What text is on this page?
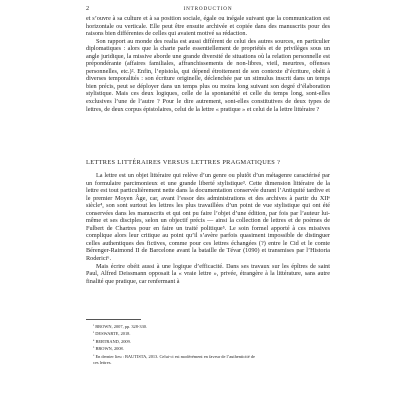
2	INTRODUCTION

et s’ouvre à sa culture et à sa position sociale, égale ou inégale suivant que la communication est horizontale ou verticale. Elle peut être ensuite archivée et copiée dans des manuscrits pour des raisons bien différentes de celles qui avaient motivé sa rédaction.

Son rapport au monde des realia est aussi différent de celui des autres sources, en particulier diplomatiques : alors que la charte parle essentiellement de propriétés et de privilèges sous un angle juridique, la missive aborde une grande diversité de situations où la relation personnelle est prépondérante (affaires familiales, affranchissements de non-libres, vieil, meurtres, offenses personnelles, etc.)². Enfin, l’epistola, qui dépend étroitement de son contexte d’écriture, obéit à diverses temporalités : son écriture originelle, déclenchée par un stimulus inscrit dans un temps bien précis, peut se déployer dans un temps plus ou moins long suivant son degré d’élaboration stylistique. Mais ces deux logiques, celle de la spontanéité et celle du temps long, sont-elles exclusives l’une de l’autre ? Pour le dire autrement, sont-elles constitutives de deux types de lettres, de deux corpus épistolaires, celui de la lettre « pratique » et celui de la lettre littéraire ?

LETTRES LITTÉRAIRES VERSUS LETTRES PRAGMATIQUES ?

La lettre est un objet littéraire qui relève d’un genre ou plutôt d’un métagenre caractérisé par un formulaire parcimonieux et une grande liberté stylistique³. Cette dimension littéraire de la lettre est tout particulièrement nette dans la documentation conservée durant l’Antiquité tardive et le premier Moyen Âge, car, avant l’essor des administrations et des archives à partir du XIIᵉ siècle⁴, son sont surtout les lettres les plus travaillées d’un point de vue stylistique qui ont été conservées dans les manuscrits et qui ont pu faire l’objet d’une édition, par fois par l’auteur lui-même et ses disciples, selon un objectif précis — ainsi la collection de lettres et de poèmes de Fulbert de Chartres pour en faire un traité politique⁵. Le soin formel apporté à ces missives complique alors leur critique au point qu’il s’avère parfois quasiment impossible de distinguer celles authentiques des fictives, comme pour ces lettres échangées (?) entre le Cid et le comte Bérenger-Raimond II de Barcelone avant la bataille de Tévar (1090) et transmises par l’Historia Roderici⁶.

Mais écrire obéit aussi à une logique d’efficacité. Dans ses travaux sur les épîtres de saint Paul, Alfred Deissmann opposait la « vraie lettre », privée, étrangère à la littérature, sans autre finalité que pratique, car renfermant à

$^{^2}$ BROWN, 2007, pp. 328-330.
$^{^3}$ DESWARTE, 2018.
$^{^4}$ BERTRAND, 2009.
$^{^5}$ BROWN, 2008.
$^{^6}$ En dernier lieu : BAUTISTA, 2013. Celui-ci est modérément en faveur de l’authenticité de
ces lettres.
